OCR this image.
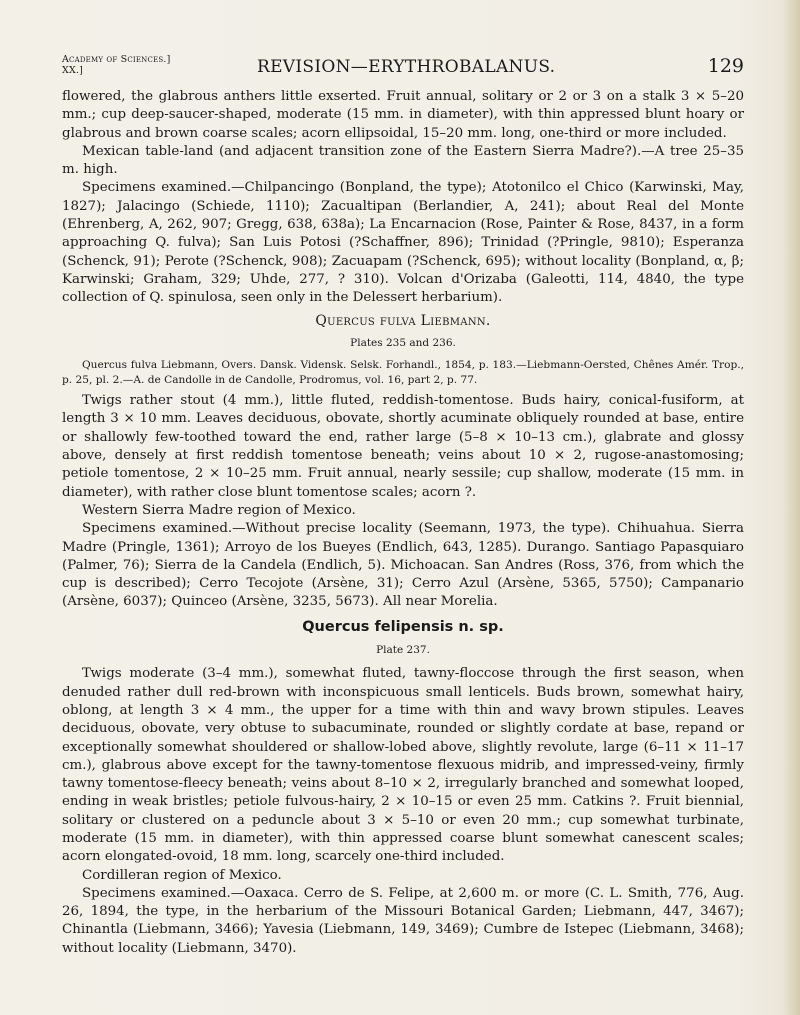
Academy of Sciences.]
XX.]	REVISION—ERYTHROBALANUS.	129

flowered, the glabrous anthers little exserted. Fruit annual, solitary or 2 or 3 on a stalk 3 × 5–20 mm.; cup deep-saucer-shaped, moderate (15 mm. in diameter), with thin appressed blunt hoary or glabrous and brown coarse scales; acorn ellipsoidal, 15–20 mm. long, one-third or more included.

Mexican table-land (and adjacent transition zone of the Eastern Sierra Madre?).—A tree 25–35 m. high.

Specimens examined.—Chilpancingo (Bonpland, the type); Atotonilco el Chico (Karwinski, May, 1827); Jalacingo (Schiede, 1110); Zacualtipan (Berlandier, A, 241); about Real del Monte (Ehrenberg, A, 262, 907; Gregg, 638, 638a); La Encarnacion (Rose, Painter & Rose, 8437, in a form approaching Q. fulva); San Luis Potosi (?Schaffner, 896); Trinidad (?Pringle, 9810); Esperanza (Schenck, 91); Perote (?Schenck, 908); Zacuapam (?Schenck, 695); without locality (Bonpland, α, β; Karwinski; Graham, 329; Uhde, 277, ? 310). Volcan d'Orizaba (Galeotti, 114, 4840, the type collection of Q. spinulosa, seen only in the Delessert herbarium).

Quercus fulva Liebmann.

Plates 235 and 236.

Quercus fulva Liebmann, Overs. Dansk. Vidensk. Selsk. Forhandl., 1854, p. 183.—Liebmann-Oersted, Chênes Amér. Trop., p. 25, pl. 2.—A. de Candolle in de Candolle, Prodromus, vol. 16, part 2, p. 77.

Twigs rather stout (4 mm.), little fluted, reddish-tomentose. Buds hairy, conical-fusiform, at length 3 × 10 mm. Leaves deciduous, obovate, shortly acuminate obliquely rounded at base, entire or shallowly few-toothed toward the end, rather large (5–8 × 10–13 cm.), glabrate and glossy above, densely at first reddish tomentose beneath; veins about 10 × 2, rugose-anastomosing; petiole tomentose, 2 × 10–25 mm. Fruit annual, nearly sessile; cup shallow, moderate (15 mm. in diameter), with rather close blunt tomentose scales; acorn ?.

Western Sierra Madre region of Mexico.

Specimens examined.—Without precise locality (Seemann, 1973, the type). Chihuahua. Sierra Madre (Pringle, 1361); Arroyo de los Bueyes (Endlich, 643, 1285). Durango. Santiago Papasquiaro (Palmer, 76); Sierra de la Candela (Endlich, 5). Michoacan. San Andres (Ross, 376, from which the cup is described); Cerro Tecojote (Arsène, 31); Cerro Azul (Arsène, 5365, 5750); Campanario (Arsène, 6037); Quinceo (Arsène, 3235, 5673). All near Morelia.

Quercus felipensis n. sp.

Plate 237.

Twigs moderate (3–4 mm.), somewhat fluted, tawny-floccose through the first season, when denuded rather dull red-brown with inconspicuous small lenticels. Buds brown, somewhat hairy, oblong, at length 3 × 4 mm., the upper for a time with thin and wavy brown stipules. Leaves deciduous, obovate, very obtuse to subacuminate, rounded or slightly cordate at base, repand or exceptionally somewhat shouldered or shallow-lobed above, slightly revolute, large (6–11 × 11–17 cm.), glabrous above except for the tawny-tomentose flexuous midrib, and impressed-veiny, firmly tawny tomentose-fleecy beneath; veins about 8–10 × 2, irregularly branched and somewhat looped, ending in weak bristles; petiole fulvous-hairy, 2 × 10–15 or even 25 mm. Catkins ?. Fruit biennial, solitary or clustered on a peduncle about 3 × 5–10 or even 20 mm.; cup somewhat turbinate, moderate (15 mm. in diameter), with thin appressed coarse blunt somewhat canescent scales; acorn elongated-ovoid, 18 mm. long, scarcely one-third included.

Cordilleran region of Mexico.

Specimens examined.—Oaxaca. Cerro de S. Felipe, at 2,600 m. or more (C. L. Smith, 776, Aug. 26, 1894, the type, in the herbarium of the Missouri Botanical Garden; Liebmann, 447, 3467); Chinantla (Liebmann, 3466); Yavesia (Liebmann, 149, 3469); Cumbre de Istepec (Liebmann, 3468); without locality (Liebmann, 3470).
